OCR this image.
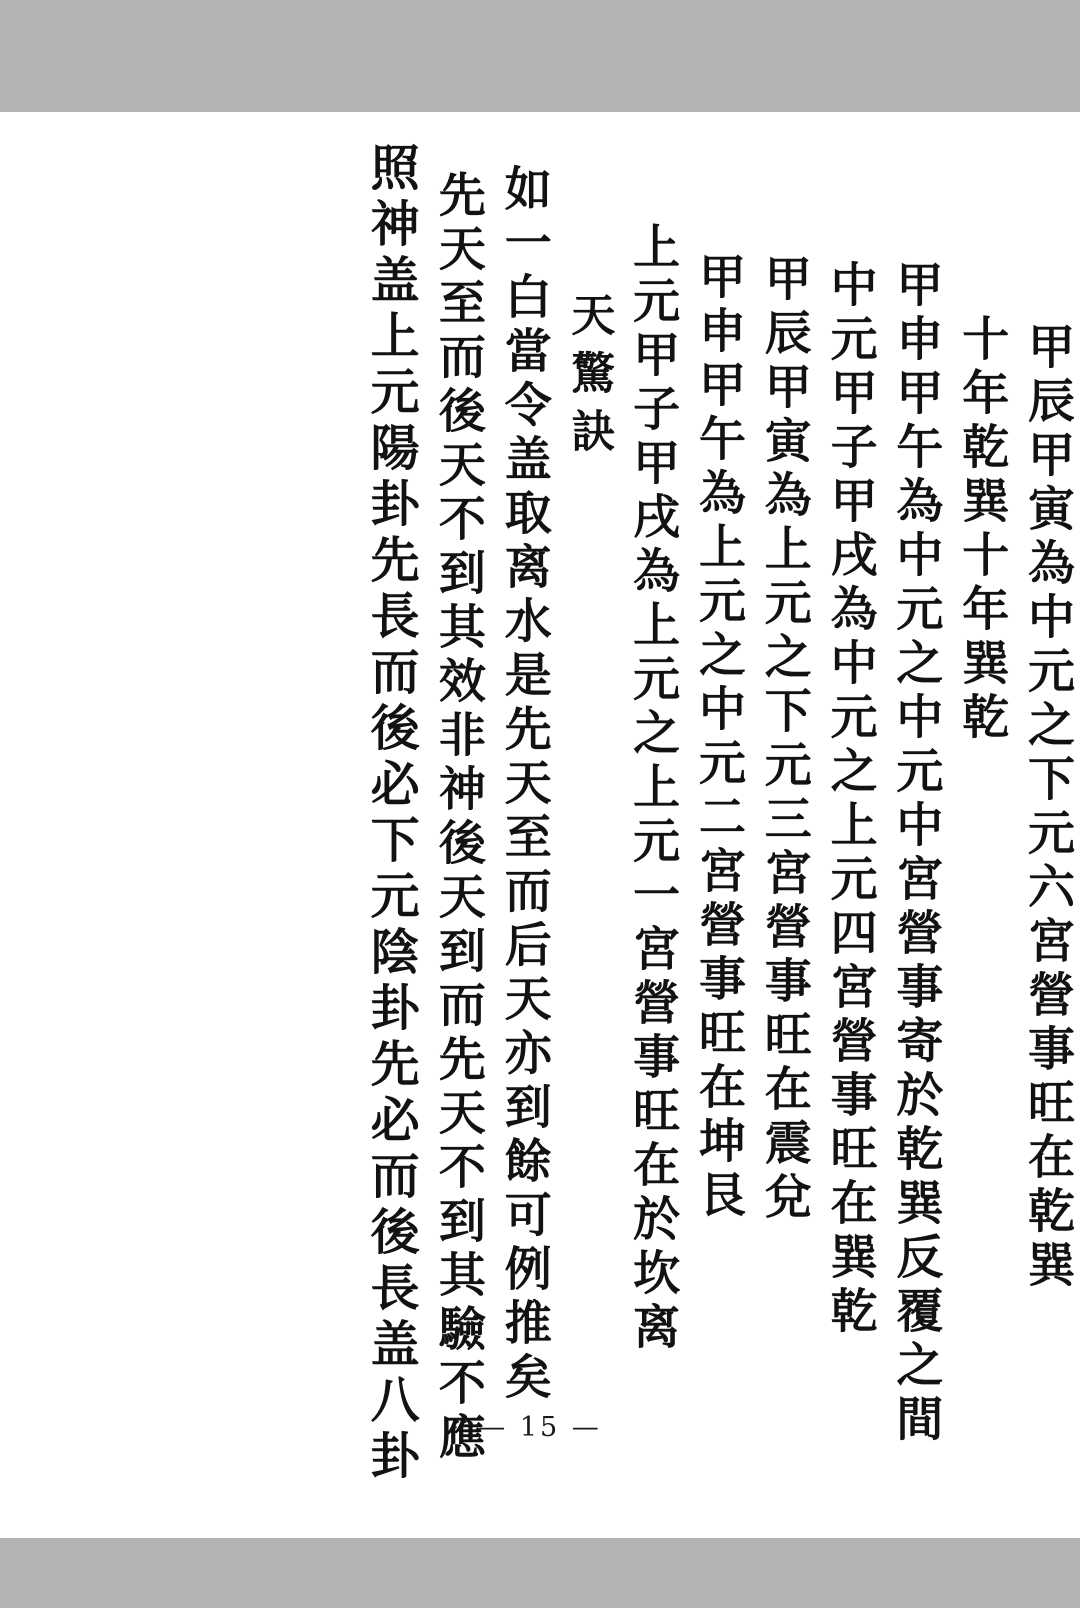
照神盖上元陽卦先長而後必下元陰卦先必而後長盖八卦 先天至而後天不到其效非神後天到而先天不到其驗不應 如一白當令盖取离水是先天至而后天亦到餘可例推矣 天驚訣 上元甲子甲戌為上元之上元一宮營事旺在於坎离 甲申甲午為上元之中元二宮營事旺在坤艮 甲辰甲寅為上元之下元三宮營事旺在震兌 中元甲子甲戌為中元之上元四宮營事旺在巽乾 甲申甲午為中元之中元中宮營事寄於乾巽反覆之間 十年乾巽十年巽乾 甲辰甲寅為中元之下元六宮營事旺在乾巽
— 15 —
